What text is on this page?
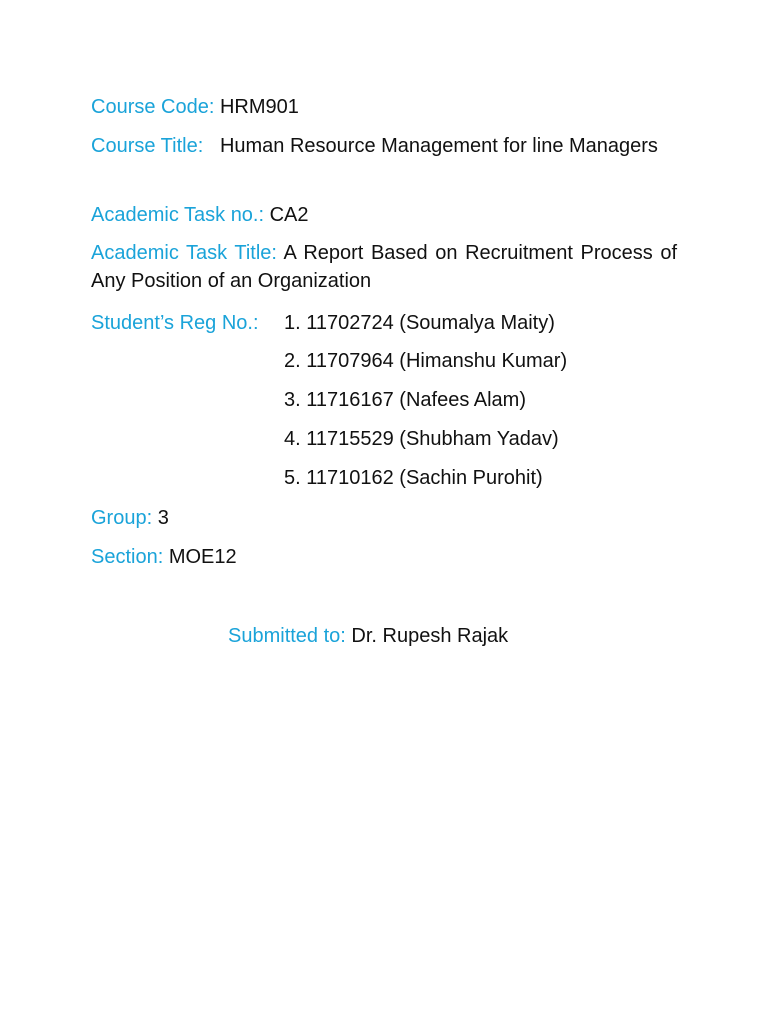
Course Code: HRM901
Course Title: Human Resource Management for line Managers
Academic Task no.: CA2
Academic Task Title: A Report Based on Recruitment Process of Any Position of an Organization
Student’s Reg No.:	1. 11702724 (Soumalya Maity)
2. 11707964 (Himanshu Kumar)
3. 11716167 (Nafees Alam)
4. 11715529 (Shubham Yadav)
5. 11710162 (Sachin Purohit)
Group: 3
Section: MOE12
Submitted to: Dr. Rupesh Rajak
